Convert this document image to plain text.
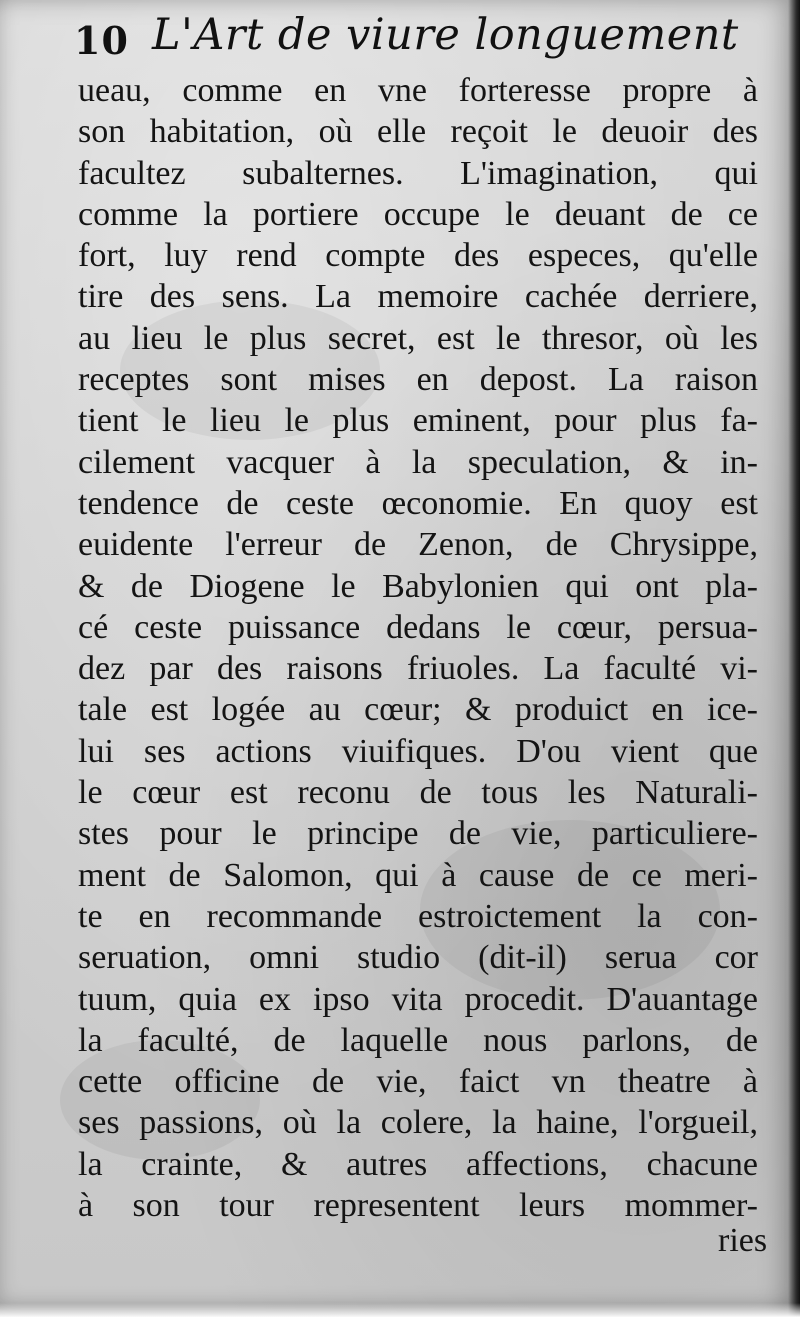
10 L'Art de viure longuement
ueau, comme en vne forteresse propre à
son habitation, où elle reçoit le deuoir des
facultez subalternes. L'imagination, qui
comme la portiere occupe le deuant de ce
fort, luy rend compte des especes, qu'elle
tire des sens. La memoire cachée derriere,
au lieu le plus secret, est le thresor, où les
receptes sont mises en depost. La raison
tient le lieu le plus eminent, pour plus fa-
cilement vacquer à la speculation, & in-
tendence de ceste œconomie. En quoy est
euidente l'erreur de Zenon, de Chrysippe,
& de Diogene le Babylonien qui ont pla-
cé ceste puissance dedans le cœur, persua-
dez par des raisons friuoles. La faculté vi-
tale est logée au cœur; & produict en ice-
lui ses actions viuifiques. D'ou vient que
le cœur est reconu de tous les Naturali-
stes pour le principe de vie, particuliere-
ment de Salomon, qui à cause de ce meri-
te en recommande estroictement la con-
seruation, omni studio (dit-il) serua cor
tuum, quia ex ipso vita procedit. D'auantage
la faculté, de laquelle nous parlons, de
cette officine de vie, faict vn theatre à
ses passions, où la colere, la haine, l'orgueil,
la crainte, & autres affections, chacune
à son tour representent leurs mommer-
ries
